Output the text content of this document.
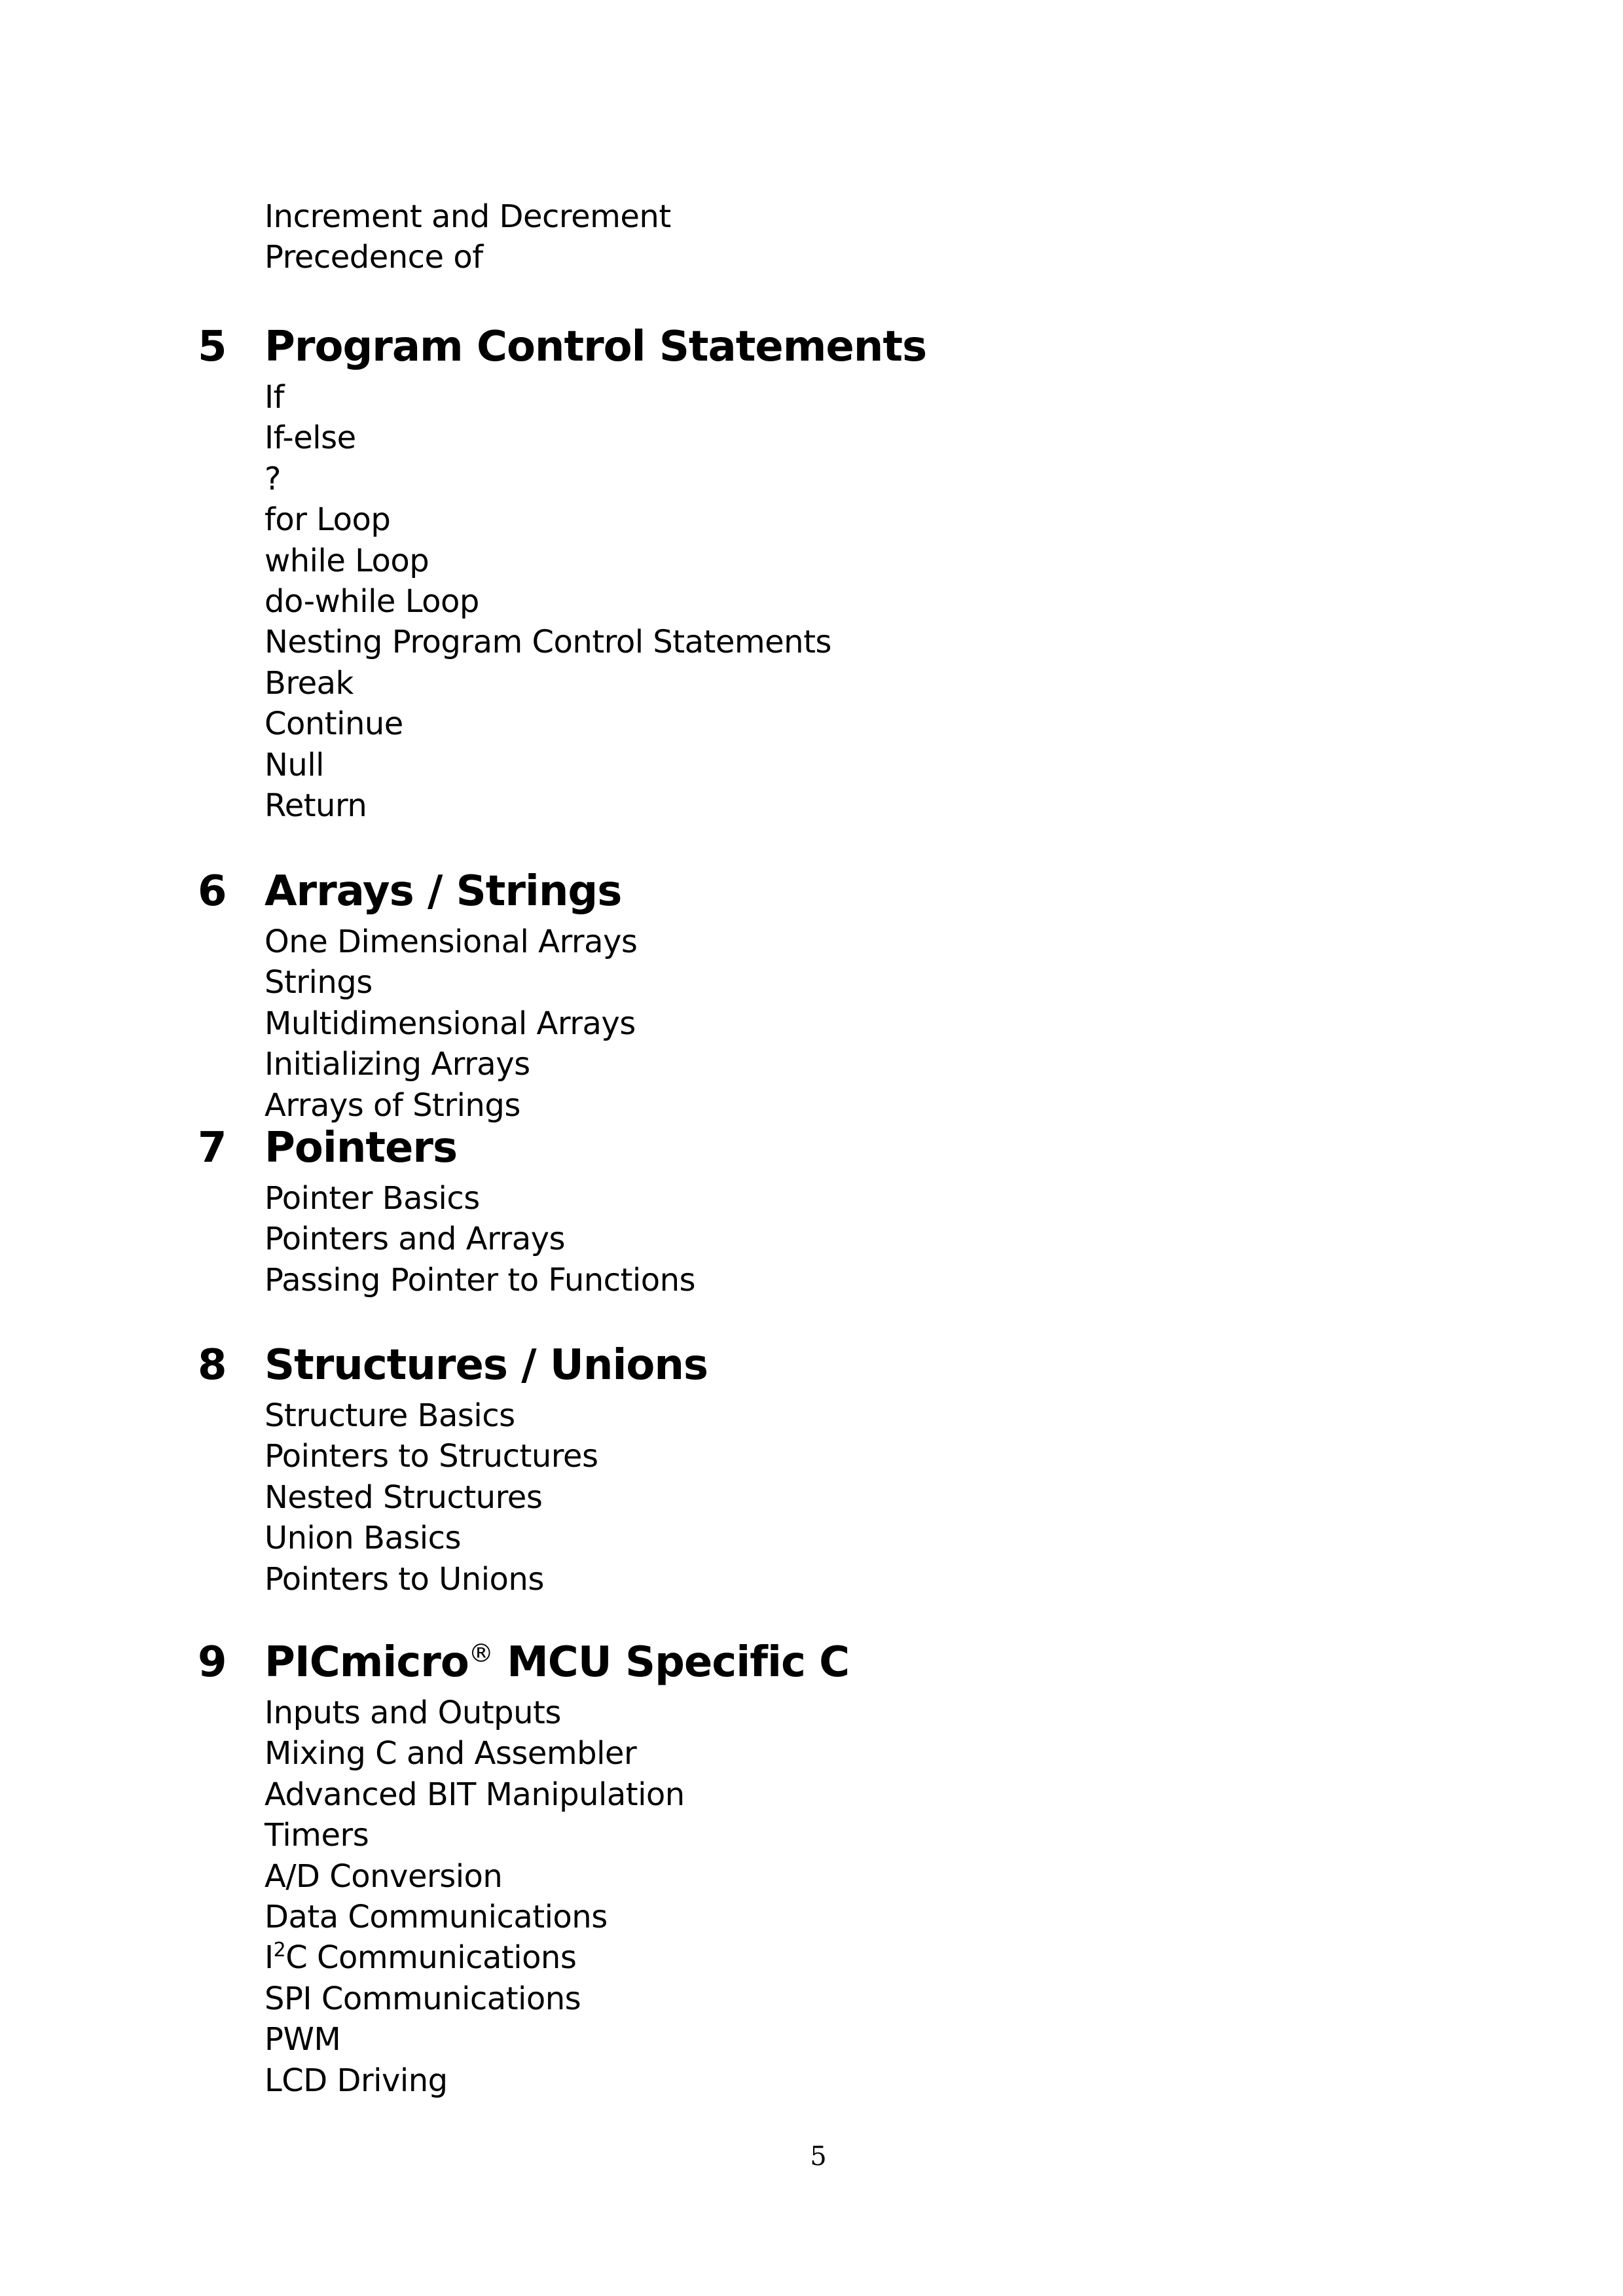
Increment and Decrement
Precedence of
5 Program Control Statements
If
If-else
?
for Loop
while Loop
do-while Loop
Nesting Program Control Statements
Break
Continue
Null
Return
6 Arrays / Strings
One Dimensional Arrays
Strings
Multidimensional Arrays
Initializing Arrays
Arrays of Strings
7 Pointers
Pointer Basics
Pointers and Arrays
Passing Pointer to Functions
8 Structures / Unions
Structure Basics
Pointers to Structures
Nested Structures
Union Basics
Pointers to Unions
9 PICmicro® MCU Specific C
Inputs and Outputs
Mixing C and Assembler
Advanced BIT Manipulation
Timers
A/D Conversion
Data Communications
$I^2C$ Communications
SPI Communications
PWM
LCD Driving
5
